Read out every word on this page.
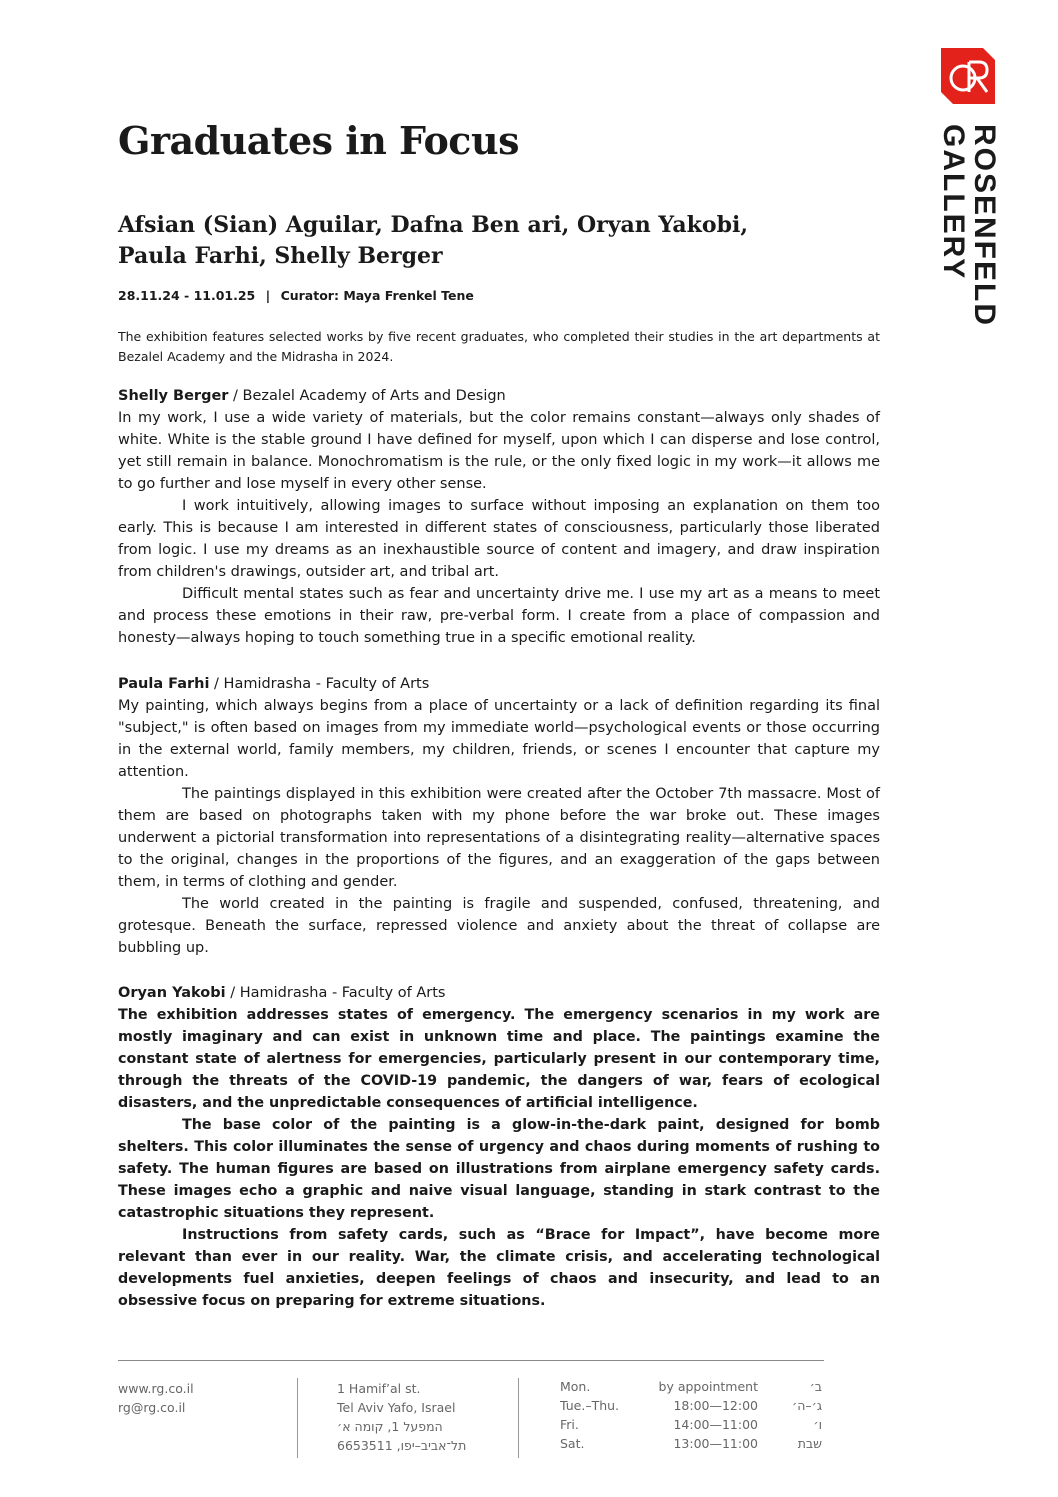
ROSENFELD
GALLERY
Graduates in Focus
Afsian (Sian) Aguilar, Dafna Ben ari, Oryan Yakobi,
Paula Farhi, Shelly Berger
28.11.24 - 11.01.25 | Curator: Maya Frenkel Tene

The exhibition features selected works by five recent graduates, who completed their studies in the art departments at Bezalel Academy and the Midrasha in 2024.

Shelly Berger / Bezalel Academy of Arts and Design

In my work, I use a wide variety of materials, but the color remains constant—always only shades of white. White is the stable ground I have defined for myself, upon which I can disperse and lose control, yet still remain in balance. Monochromatism is the rule, or the only fixed logic in my work—it allows me to go further and lose myself in every other sense.

I work intuitively, allowing images to surface without imposing an explanation on them too early. This is because I am interested in different states of consciousness, particularly those liberated from logic. I use my dreams as an inexhaustible source of content and imagery, and draw inspiration from children's drawings, outsider art, and tribal art.

Difficult mental states such as fear and uncertainty drive me. I use my art as a means to meet and process these emotions in their raw, pre-verbal form. I create from a place of compassion and honesty—always hoping to touch something true in a specific emotional reality.

Paula Farhi / Hamidrasha - Faculty of Arts

My painting, which always begins from a place of uncertainty or a lack of definition regarding its final "subject," is often based on images from my immediate world—psychological events or those occurring in the external world, family members, my children, friends, or scenes I encounter that capture my attention.

The paintings displayed in this exhibition were created after the October 7th massacre. Most of them are based on photographs taken with my phone before the war broke out. These images underwent a pictorial transformation into representations of a disintegrating reality—alternative spaces to the original, changes in the proportions of the figures, and an exaggeration of the gaps between them, in terms of clothing and gender.

The world created in the painting is fragile and suspended, confused, threatening, and grotesque. Beneath the surface, repressed violence and anxiety about the threat of collapse are bubbling up.

Oryan Yakobi / Hamidrasha - Faculty of Arts

The exhibition addresses states of emergency. The emergency scenarios in my work are mostly imaginary and can exist in unknown time and place. The paintings examine the constant state of alertness for emergencies, particularly present in our contemporary time, through the threats of the COVID-19 pandemic, the dangers of war, fears of ecological disasters, and the unpredictable consequences of artificial intelligence.

The base color of the painting is a glow-in-the-dark paint, designed for bomb shelters. This color illuminates the sense of urgency and chaos during moments of rushing to safety. The human figures are based on illustrations from airplane emergency safety cards. These images echo a graphic and naive visual language, standing in stark contrast to the catastrophic situations they represent.

Instructions from safety cards, such as “Brace for Impact”, have become more relevant than ever in our reality. War, the climate crisis, and accelerating technological developments fuel anxieties, deepen feelings of chaos and insecurity, and lead to an obsessive focus on preparing for extreme situations.

www.rg.co.il
rg@rg.co.il
1 Hamif’al st.
Tel Aviv Yafo, Israel
המפעל 1, קומה א׳
תל־אביב–יפו, 6653511
Mon.	by appointment	ב׳
Tue.–Thu.	18:00—12:00	ג׳–ה׳
Fri.	14:00—11:00	ו׳
Sat.	13:00—11:00	שבת
